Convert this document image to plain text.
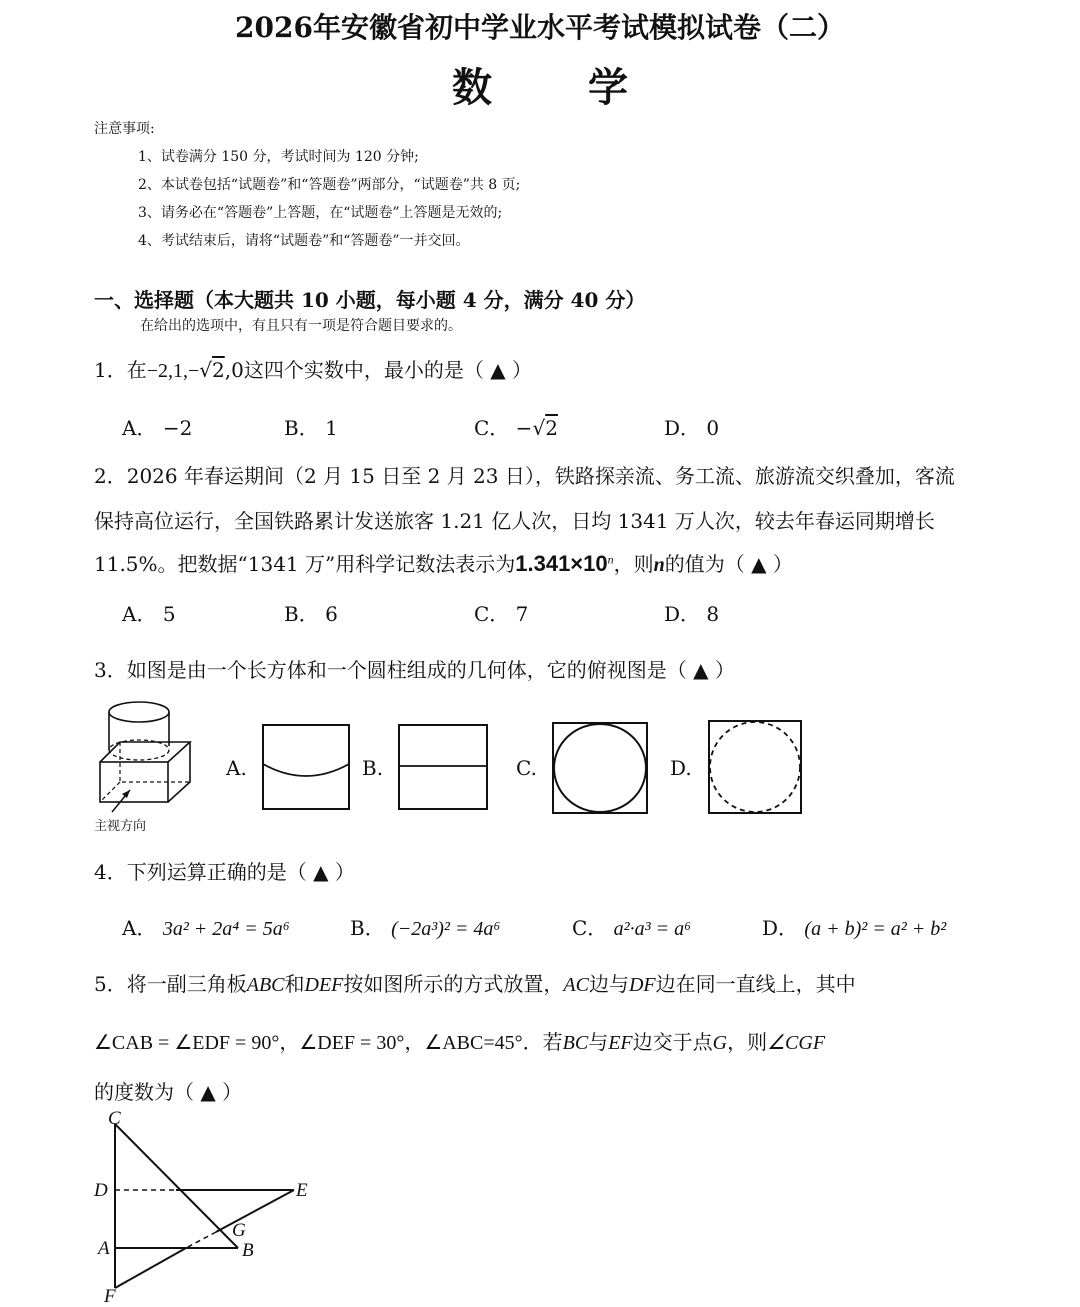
2026年安徽省初中学业水平考试模拟试卷（二）
数 学
注意事项:
1、试卷满分 150 分，考试时间为 120 分钟;
2、本试卷包括“试题卷”和“答题卷”两部分，“试题卷”共 8 页;
3、请务必在“答题卷”上答题，在“试题卷”上答题是无效的;
4、考试结束后，请将“试题卷”和“答题卷”一并交回。
一、选择题（本大题共 10 小题，每小题 4 分，满分 40 分）
在给出的选项中，有且只有一项是符合题目要求的。
1．在−2,1,−√2,0这四个实数中，最小的是（ ▲ ）
A． −2	B． 1	C． −√2	D． 0
2．2026 年春运期间（2 月 15 日至 2 月 23 日），铁路探亲流、务工流、旅游流交织叠加，客流
保持高位运行，全国铁路累计发送旅客 1.21 亿人次，日均 1341 万人次，较去年春运同期增长
11.5%。把数据“1341 万”用科学记数法表示为$1.341\times 10^n$，则n的值为（ ▲ ）
A． 5	B． 6	C． 7	D． 8
3．如图是由一个长方体和一个圆柱组成的几何体，它的俯视图是（ ▲ ）
主视方向
A.	B.	C.	D.
4．下列运算正确的是（ ▲ ）
A． 3a² + 2a⁴ = 5a⁶	B． (−2a³)² = 4a⁶	C． a²·a³ = a⁶	D． (a + b)² = a² + b²
5．将一副三角板ABC和DEF按如图所示的方式放置，AC边与DF边在同一直线上，其中
∠CAB = ∠EDF = 90°，∠DEF = 30°，∠ABC=45°．若BC与EF边交于点G，则∠CGF
的度数为（ ▲ ）
C
D	E
A
G
B
F
